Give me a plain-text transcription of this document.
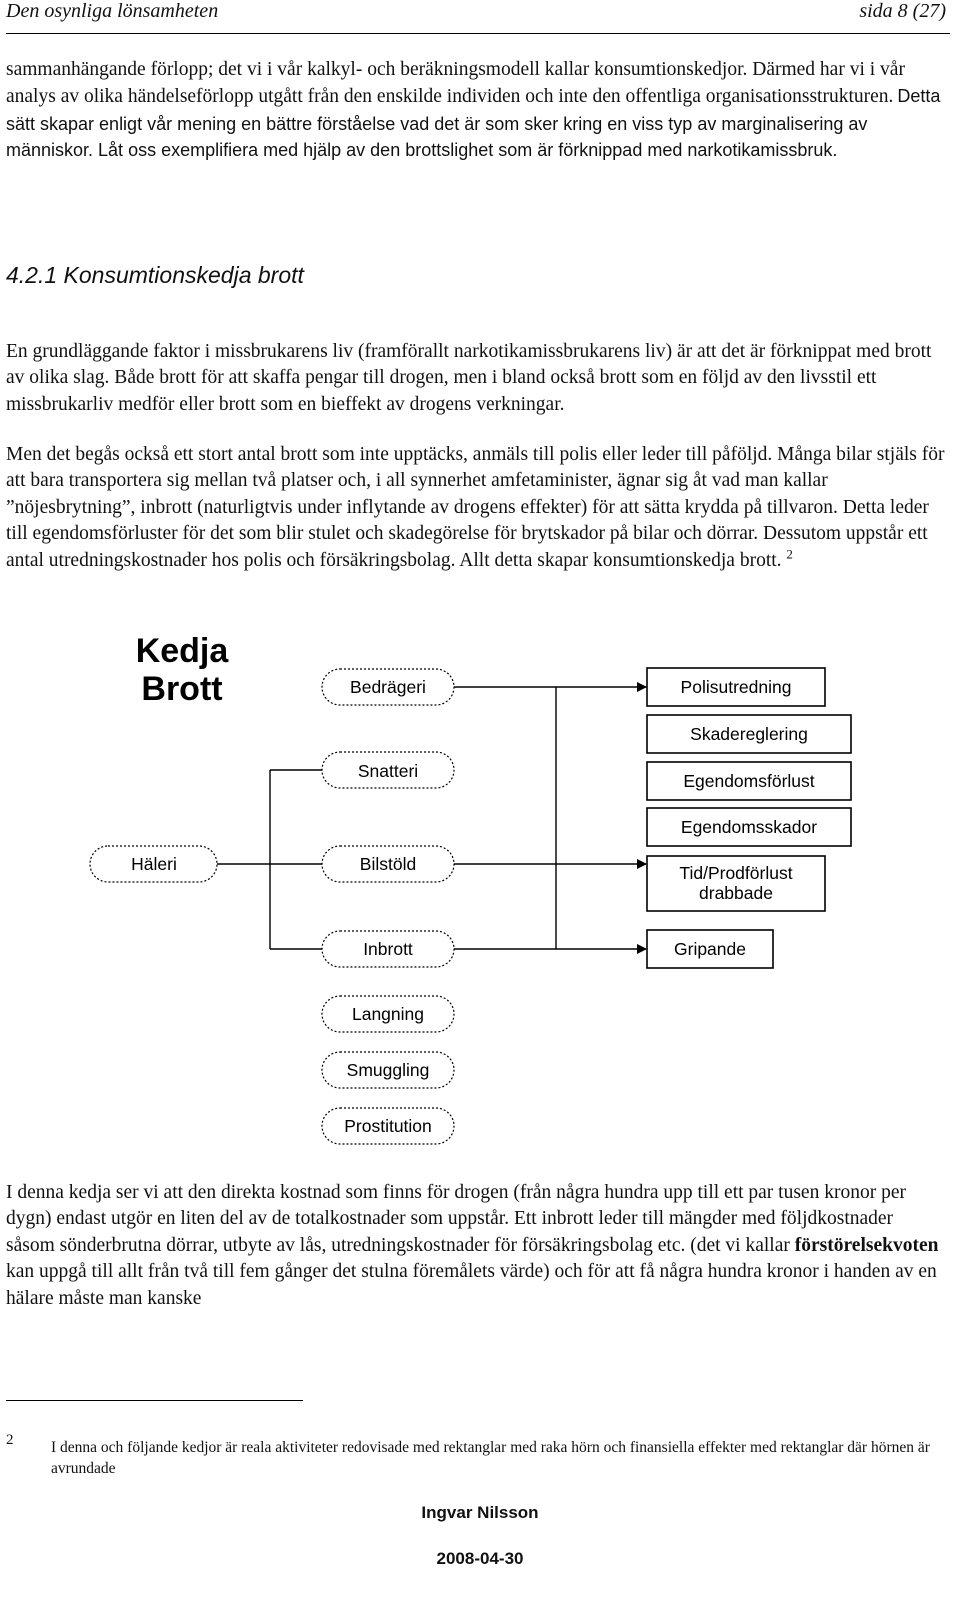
Den osynliga lönsamheten	sida 8 (27)
sammanhängande förlopp; det vi i vår kalkyl- och beräkningsmodell kallar konsumtionskedjor. Därmed har vi i vår analys av olika händelseförlopp utgått från den enskilde individen och inte den offentliga organisationsstrukturen. Detta sätt skapar enligt vår mening en bättre förståelse vad det är som sker kring en viss typ av marginalisering av människor. Låt oss exemplifiera med hjälp av den brottslighet som är förknippad med narkotikamissbruk.
4.2.1 Konsumtionskedja brott
En grundläggande faktor i missbrukarens liv (framförallt narkotikamissbrukarens liv) är att det är förknippat med brott av olika slag. Både brott för att skaffa pengar till drogen, men i bland också brott som en följd av den livsstil ett missbrukarliv medför eller brott som en bieffekt av drogens verkningar.
Men det begås också ett stort antal brott som inte upptäcks, anmäls till polis eller leder till påföljd. Många bilar stjäls för att bara transportera sig mellan två platser och, i all synnerhet amfetaminister, ägnar sig åt vad man kallar ”nöjesbrytning”, inbrott (naturligtvis under inflytande av drogens effekter) för att sätta krydda på tillvaron. Detta leder till egendomsförluster för det som blir stulet och skadegörelse för brytskador på bilar och dörrar. Dessutom uppstår ett antal utredningskostnader hos polis och försäkringsbolag. Allt detta skapar konsumtionskedja brott. $^2$
Kedja
Brott
Häleri
Bedrägeri
Snatteri
Bilstöld
Inbrott
Langning
Smuggling
Prostitution
Polisutredning
Skadereglering
Egendomsförlust
Egendomsskador
Tid/Prodförlust
drabbade
Gripande
I denna kedja ser vi att den direkta kostnad som finns för drogen (från några hundra upp till ett par tusen kronor per dygn) endast utgör en liten del av de totalkostnader som uppstår. Ett inbrott leder till mängder med följdkostnader såsom sönderbrutna dörrar, utbyte av lås, utredningskostnader för försäkringsbolag etc. (det vi kallar förstörelsekvoten kan uppgå till allt från två till fem gånger det stulna föremålets värde) och för att få några hundra kronor i handen av en hälare måste man kanske
2 I denna och följande kedjor är reala aktiviteter redovisade med rektanglar med raka hörn och finansiella effekter med rektanglar där hörnen är avrundade
Ingvar Nilsson
2008-04-30
